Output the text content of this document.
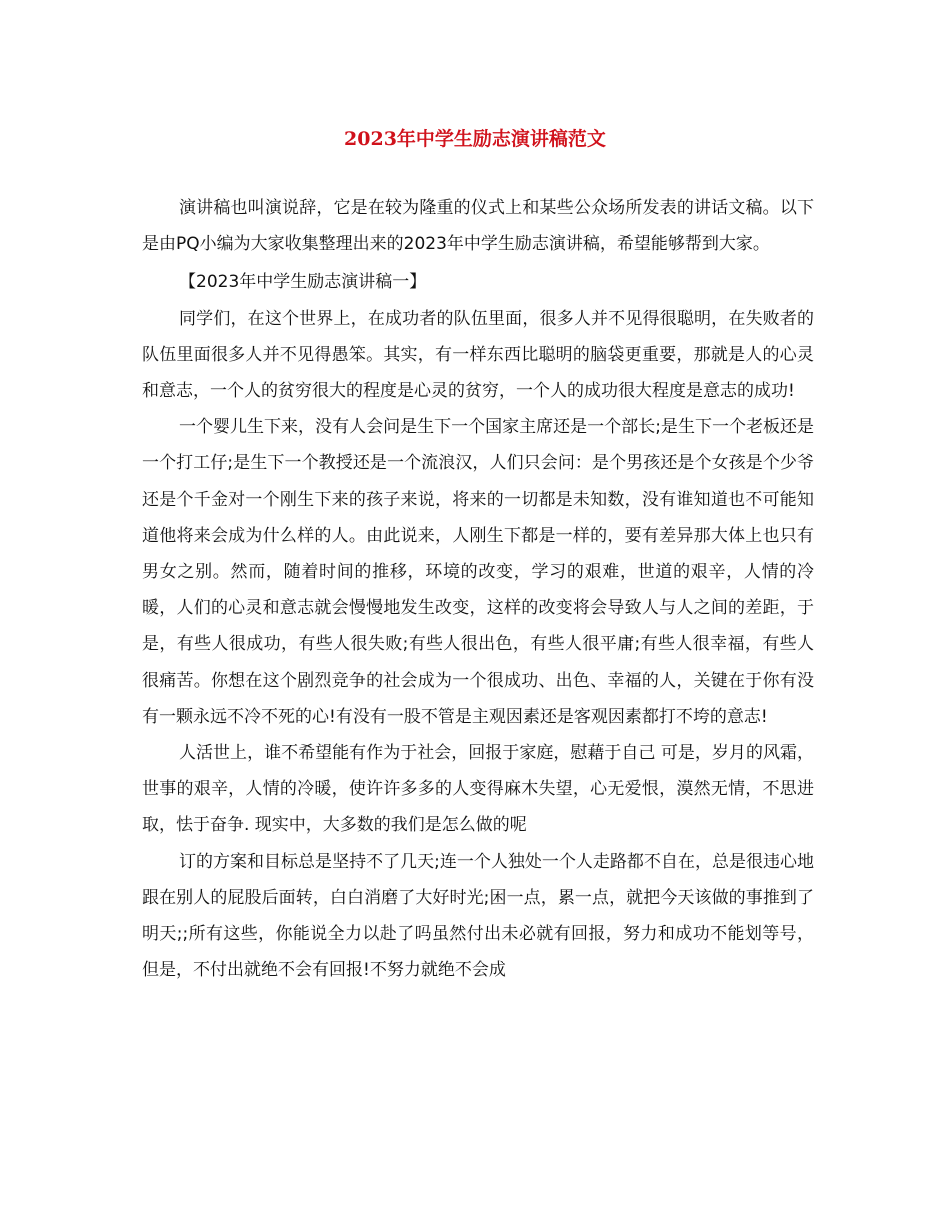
2023年中学生励志演讲稿范文

演讲稿也叫演说辞，它是在较为隆重的仪式上和某些公众场所发表的讲话文稿。以下是由PQ小编为大家收集整理出来的2023年中学生励志演讲稿，希望能够帮到大家。

【2023年中学生励志演讲稿一】

同学们，在这个世界上，在成功者的队伍里面，很多人并不见得很聪明，在失败者的队伍里面很多人并不见得愚笨。其实，有一样东西比聪明的脑袋更重要，那就是人的心灵和意志，一个人的贫穷很大的程度是心灵的贫穷，一个人的成功很大程度是意志的成功!

一个婴儿生下来，没有人会问是生下一个国家主席还是一个部长;是生下一个老板还是一个打工仔;是生下一个教授还是一个流浪汉，人们只会问：是个男孩还是个女孩是个少爷还是个千金对一个刚生下来的孩子来说，将来的一切都是未知数，没有谁知道也不可能知道他将来会成为什么样的人。由此说来，人刚生下都是一样的，要有差异那大体上也只有男女之别。然而，随着时间的推移，环境的改变，学习的艰难，世道的艰辛，人情的冷暖，人们的心灵和意志就会慢慢地发生改变，这样的改变将会导致人与人之间的差距，于是，有些人很成功，有些人很失败;有些人很出色，有些人很平庸;有些人很幸福，有些人很痛苦。你想在这个剧烈竞争的社会成为一个很成功、出色、幸福的人，关键在于你有没有一颗永远不冷不死的心!有没有一股不管是主观因素还是客观因素都打不垮的意志!

人活世上，谁不希望能有作为于社会，回报于家庭，慰藉于自己 可是，岁月的风霜，世事的艰辛，人情的冷暖，使许许多多的人变得麻木失望，心无爱恨，漠然无情，不思进取，怯于奋争. 现实中，大多数的我们是怎么做的呢

订的方案和目标总是坚持不了几天;连一个人独处一个人走路都不自在，总是很违心地跟在别人的屁股后面转，白白消磨了大好时光;困一点，累一点，就把今天该做的事推到了明天;;所有这些，你能说全力以赴了吗虽然付出未必就有回报，努力和成功不能划等号，但是，不付出就绝不会有回报!不努力就绝不会成
